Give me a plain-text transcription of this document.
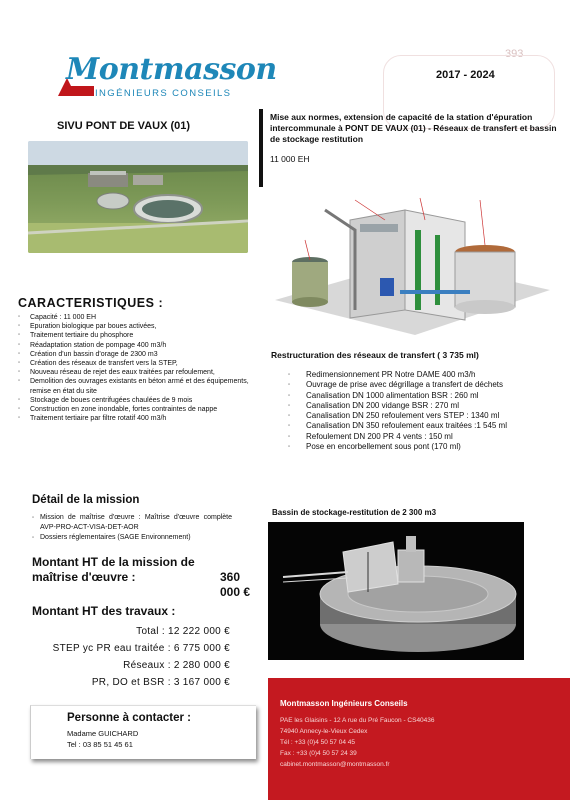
393
2017 - 2024
Montmasson
INGÉNIEURS CONSEILS
SIVU PONT DE VAUX (01)
CARACTERISTIQUES :
▫ Capacité : 11 000 EH
▫ Epuration biologique par boues activées,
▫ Traitement tertiaire du phosphore
▫ Réadaptation station de pompage 400 m3/h
▫ Création d'un bassin d'orage de 2300 m3
▫ Création des réseaux de transfert vers la STEP,
▫ Nouveau réseau de rejet des eaux traitées par refoulement,
▫ Demolition des ouvrages existants en béton armé et des équipements, remise en état du site
▫ Stockage de boues centrifugées chaulées de 9 mois
▫ Construction en zone inondable, fortes contraintes de nappe
▫ Traitement tertiaire par filtre rotatif 400 m3/h
Détail de la mission
▫ Mission de maîtrise d'œuvre : Maîtrise d'œuvre complète AVP-PRO-ACT-VISA-DET-AOR
▫ Dossiers réglementaires (SAGE Environnement)
Montant HT de la mission de maîtrise d'œuvre :	360 000 €
Montant HT des travaux :
Total : 12 222 000 €
STEP yc PR eau traitée : 6 775 000 €
Réseaux : 2 280 000 €
PR, DO et BSR : 3 167 000 €
Personne à contacter :
Madame GUICHARD
Tel : 03 85 51 45 61
Mise aux normes, extension de capacité de la station d'épuration intercommunale à PONT DE VAUX (01) - Réseaux de transfert et bassin de stockage restitution
11 000 EH
Restructuration des réseaux de transfert ( 3 735 ml)
▫ Redimensionnement PR Notre DAME 400 m3/h
▫ Ouvrage de prise avec dégrillage a transfert de déchets
▫ Canalisation DN 1000 alimentation BSR : 260 ml
▫ Canalisation DN 200 vidange BSR : 270 ml
▫ Canalisation DN 250 refoulement vers STEP : 1340 ml
▫ Canalisation DN 350 refoulement eaux traitées :1 545 ml
▫ Refoulement DN 200 PR 4 vents : 150 ml
▫ Pose en encorbellement sous pont (170 ml)
Bassin de stockage-restitution de 2 300 m3
Montmasson Ingénieurs Conseils
PAE les Glaisins - 12 A rue du Pré Faucon - CS40436
74940 Annecy-le-Vieux Cedex
Tél : +33 (0)4 50 57 04 45
Fax : +33 (0)4 50 57 24 39
cabinet.montmasson@montmasson.fr
